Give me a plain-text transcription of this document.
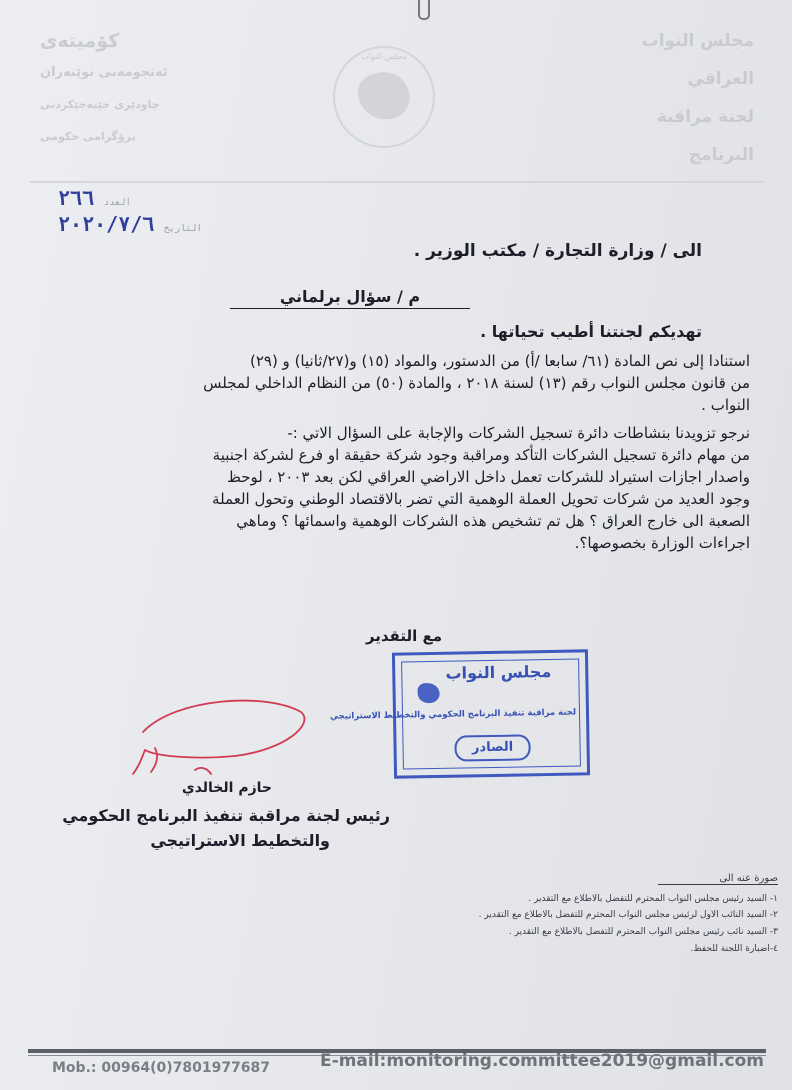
مجلس النواب
العراقي
لجنة مراقبة
البرنامج
کۆمیتەی
ئەنجومەنی نوێنەران
چاودێری جێبەجێکردنی
پرۆگرامی حکومی
مجلس النواب
العدد ٢٦٦
التاريخ ٢٠٢٠/٧/٦
الى / وزارة التجارة / مكتب الوزير .
م / سؤال برلماني
تهديكم لجنتنا أطيب تحياتها .
استنادا إلى نص المادة (٦١/ سابعا /أ) من الدستور، والمواد (١٥) و(٢٧/ثانيا) و (٢٩)
من قانون مجلس النواب رقم (١٣) لسنة ٢٠١٨ ، والمادة (٥٠) من النظام الداخلي لمجلس
النواب .
نرجو تزويدنا بنشاطات دائرة تسجيل الشركات والإجابة على السؤال الاتي :-
من مهام دائرة تسجيل الشركات التأكد ومراقبة وجود شركة حقيقة او فرع لشركة اجنبية
واصدار اجازات استيراد للشركات تعمل داخل الاراضي العراقي لكن بعد ٢٠٠٣ ، لوحظ
وجود العديد من شركات تحويل العملة الوهمية التي تضر بالاقتصاد الوطني وتحول العملة
الصعبة الى خارج العراق ؟ هل تم تشخيص هذه الشركات الوهمية واسمائها ؟ وماهي
اجراءات الوزارة بخصوصها؟.
مع التقدير
مجلس النواب
لجنة مراقبة تنفيذ البرنامج الحكومي والتخطيط الاستراتيجي
الصادر
حازم الخالدي
رئيس لجنة مراقبة تنفيذ البرنامج الحكومي
والتخطيط الاستراتيجي
صورة عنه الى
١- السيد رئيس مجلس النواب المحترم للتفضل بالاطلاع مع التقدير .
٢- السيد النائب الاول لرئيس مجلس النواب المحترم للتفضل بالاطلاع مع التقدير .
٣- السيد نائب رئيس مجلس النواب المحترم للتفضل بالاطلاع مع التقدير .
٤-اضبارة اللجنة للحفظ.
Mob.: 00964(0)7801977687	E-mail:monitoring.committee2019@gmail.com
